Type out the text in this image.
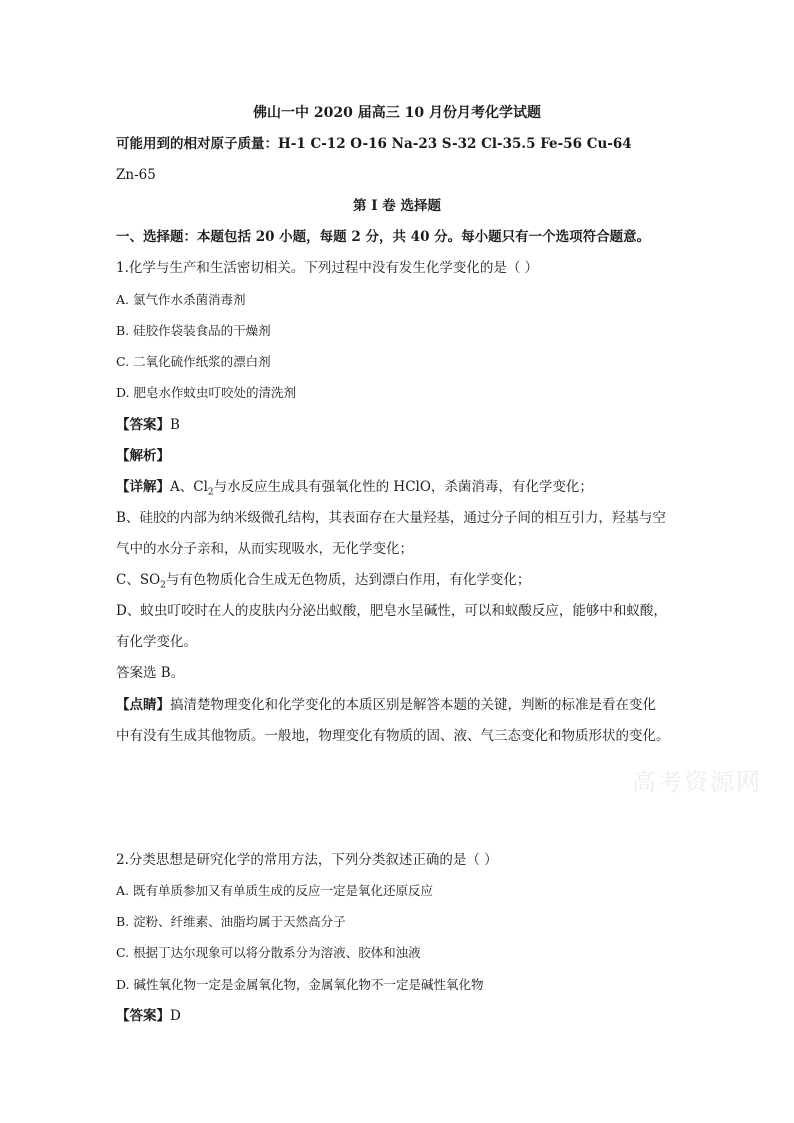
佛山一中 2020 届高三 10 月份月考化学试题
可能用到的相对原子质量：H-1 C-12 O-16 Na-23 S-32 Cl-35.5 Fe-56 Cu-64
Zn-65
第 I 卷 选择题
一、选择题：本题包括 20 小题，每题 2 分，共 40 分。每小题只有一个选项符合题意。
1.化学与生产和生活密切相关。下列过程中没有发生化学变化的是（ ）
A. 氯气作水杀菌消毒剂
B. 硅胶作袋装食品的干燥剂
C. 二氧化硫作纸浆的漂白剂
D. 肥皂水作蚊虫叮咬处的清洗剂
【答案】B
【解析】
【详解】A、$Cl_2$与水反应生成具有强氧化性的 HClO，杀菌消毒，有化学变化；
B、硅胶的内部为纳米级微孔结构，其表面存在大量羟基，通过分子间的相互引力，羟基与空
气中的水分子亲和，从而实现吸水，无化学变化；
C、$SO_2$与有色物质化合生成无色物质，达到漂白作用，有化学变化；
D、蚊虫叮咬时在人的皮肤内分泌出蚁酸，肥皂水呈碱性，可以和蚁酸反应，能够中和蚁酸，
有化学变化。
答案选 B。
【点睛】搞清楚物理变化和化学变化的本质区别是解答本题的关键，判断的标准是看在变化
中有没有生成其他物质。一般地，物理变化有物质的固、液、气三态变化和物质形状的变化。
高考资源网
2.分类思想是研究化学的常用方法，下列分类叙述正确的是（ ）
A. 既有单质参加又有单质生成的反应一定是氧化还原反应
B. 淀粉、纤维素、油脂均属于天然高分子
C. 根据丁达尔现象可以将分散系分为溶液、胶体和浊液
D. 碱性氧化物一定是金属氧化物，金属氧化物不一定是碱性氧化物
【答案】D
